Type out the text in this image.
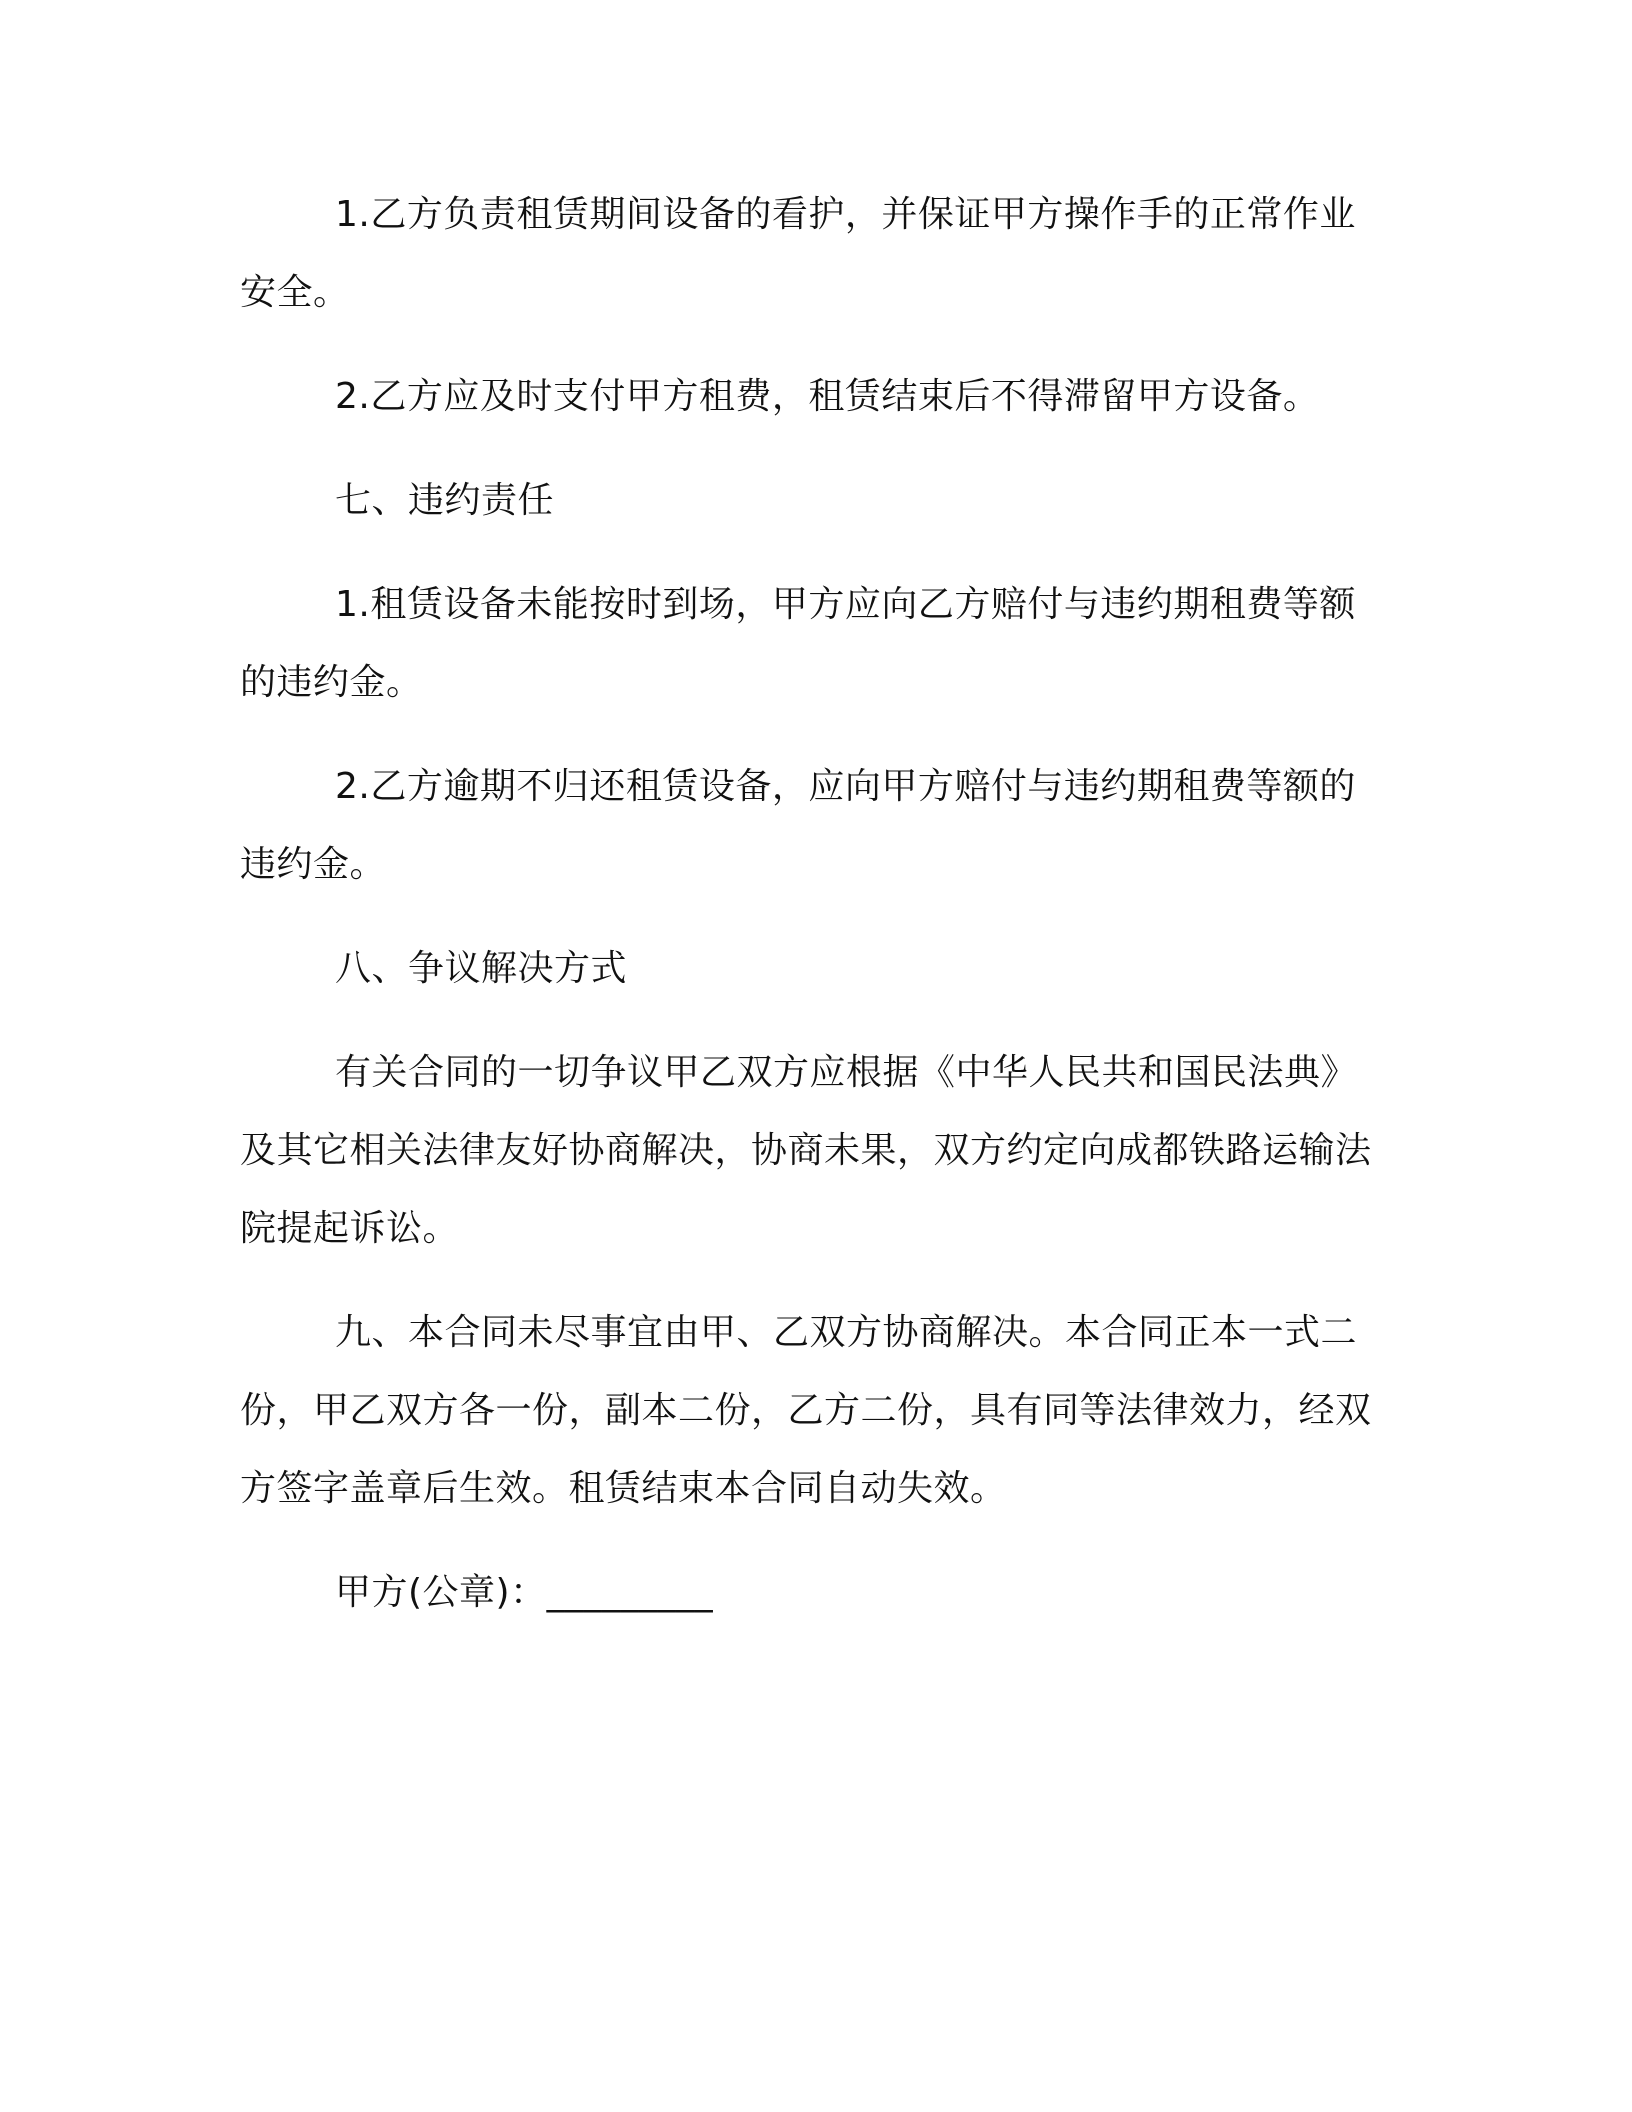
1.乙方负责租赁期间设备的看护，并保证甲方操作手的正常作业安全。

2.乙方应及时支付甲方租费，租赁结束后不得滞留甲方设备。

七、违约责任

1.租赁设备未能按时到场，甲方应向乙方赔付与违约期租费等额的违约金。

2.乙方逾期不归还租赁设备，应向甲方赔付与违约期租费等额的违约金。

八、争议解决方式

有关合同的一切争议甲乙双方应根据《中华人民共和国民法典》及其它相关法律友好协商解决，协商未果，双方约定向成都铁路运输法院提起诉讼。

九、本合同未尽事宜由甲、乙双方协商解决。本合同正本一式二份，甲乙双方各一份，副本二份，乙方二份，具有同等法律效力，经双方签字盖章后生效。租赁结束本合同自动失效。

甲方(公章)：_________
